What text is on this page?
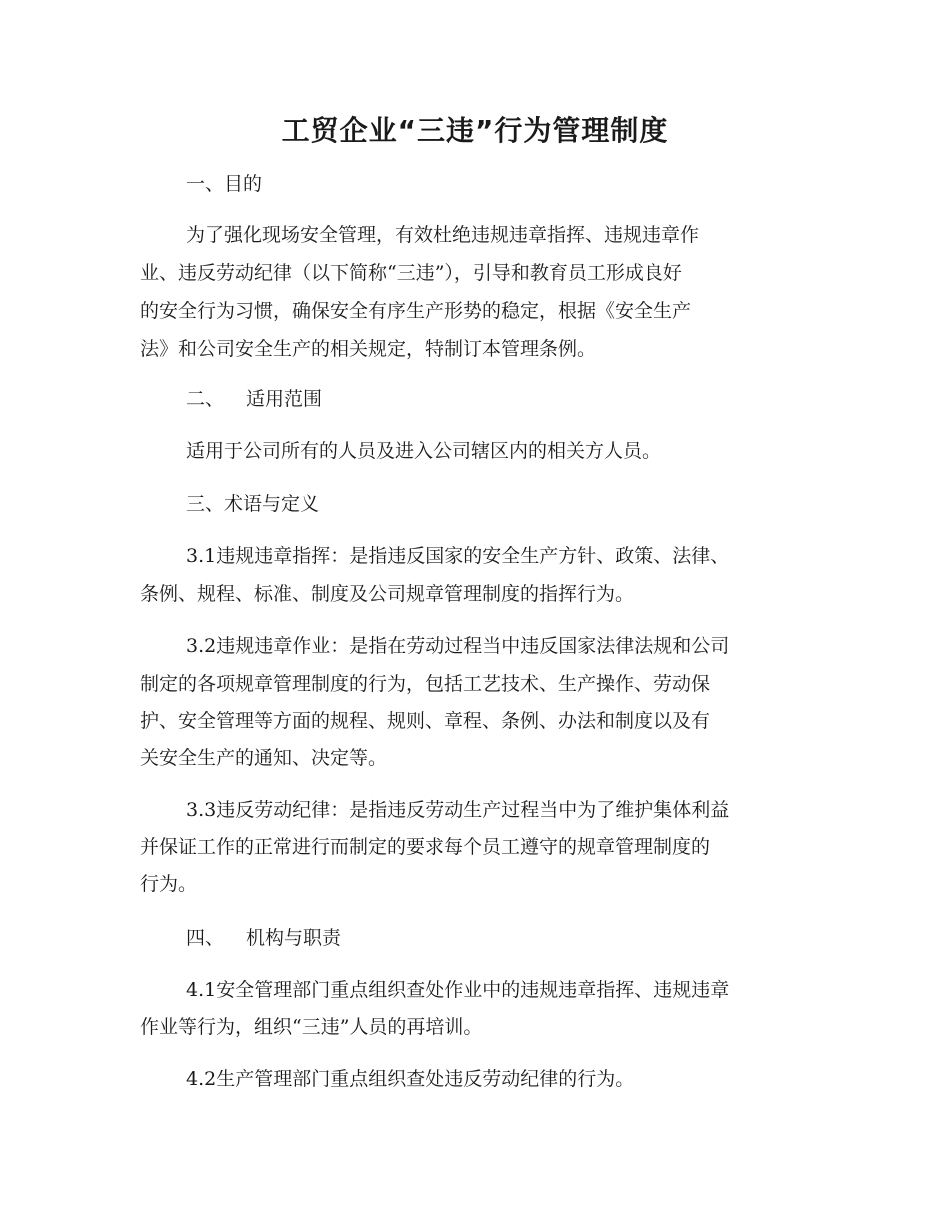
工贸企业“三违”行为管理制度

一、目的

为了强化现场安全管理，有效杜绝违规违章指挥、违规违章作

业、违反劳动纪律（以下简称“三违”），引导和教育员工形成良好

的安全行为习惯，确保安全有序生产形势的稳定，根据《安全生产

法》和公司安全生产的相关规定，特制订本管理条例。

二、 适用范围

适用于公司所有的人员及进入公司辖区内的相关方人员。

三、术语与定义

3.1违规违章指挥：是指违反国家的安全生产方针、政策、法律、

条例、规程、标准、制度及公司规章管理制度的指挥行为。

3.2违规违章作业：是指在劳动过程当中违反国家法律法规和公司

制定的各项规章管理制度的行为，包括工艺技术、生产操作、劳动保

护、安全管理等方面的规程、规则、章程、条例、办法和制度以及有

关安全生产的通知、决定等。

3.3违反劳动纪律：是指违反劳动生产过程当中为了维护集体利益

并保证工作的正常进行而制定的要求每个员工遵守的规章管理制度的

行为。

四、 机构与职责

4.1安全管理部门重点组织查处作业中的违规违章指挥、违规违章

作业等行为，组织“三违”人员的再培训。

4.2生产管理部门重点组织查处违反劳动纪律的行为。
